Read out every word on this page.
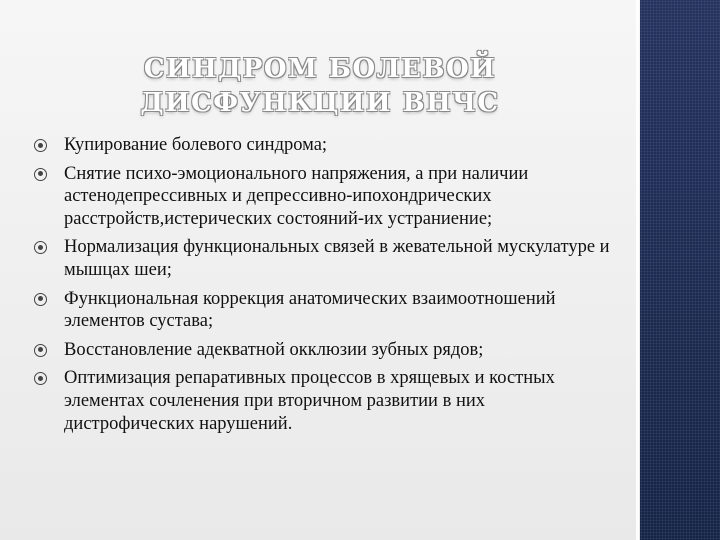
СИНДРОМ БОЛЕВОЙ ДИСФУНКЦИИ ВНЧС
Купирование болевого синдрома;
Снятие психо-эмоционального напряжения, а при наличии астенодепрессивных и депрессивно-ипохондрических расстройств,истерических состояний-их устраниение;
Нормализация функциональных связей в жевательной мускулатуре и мышцах шеи;
Функциональная коррекция анатомических взаимоотношений элементов сустава;
Восстановление адекватной окклюзии зубных рядов;
Оптимизация репаративных процессов в хрящевых и костных элементах сочленения при вторичном развитии в них дистрофических нарушений.
